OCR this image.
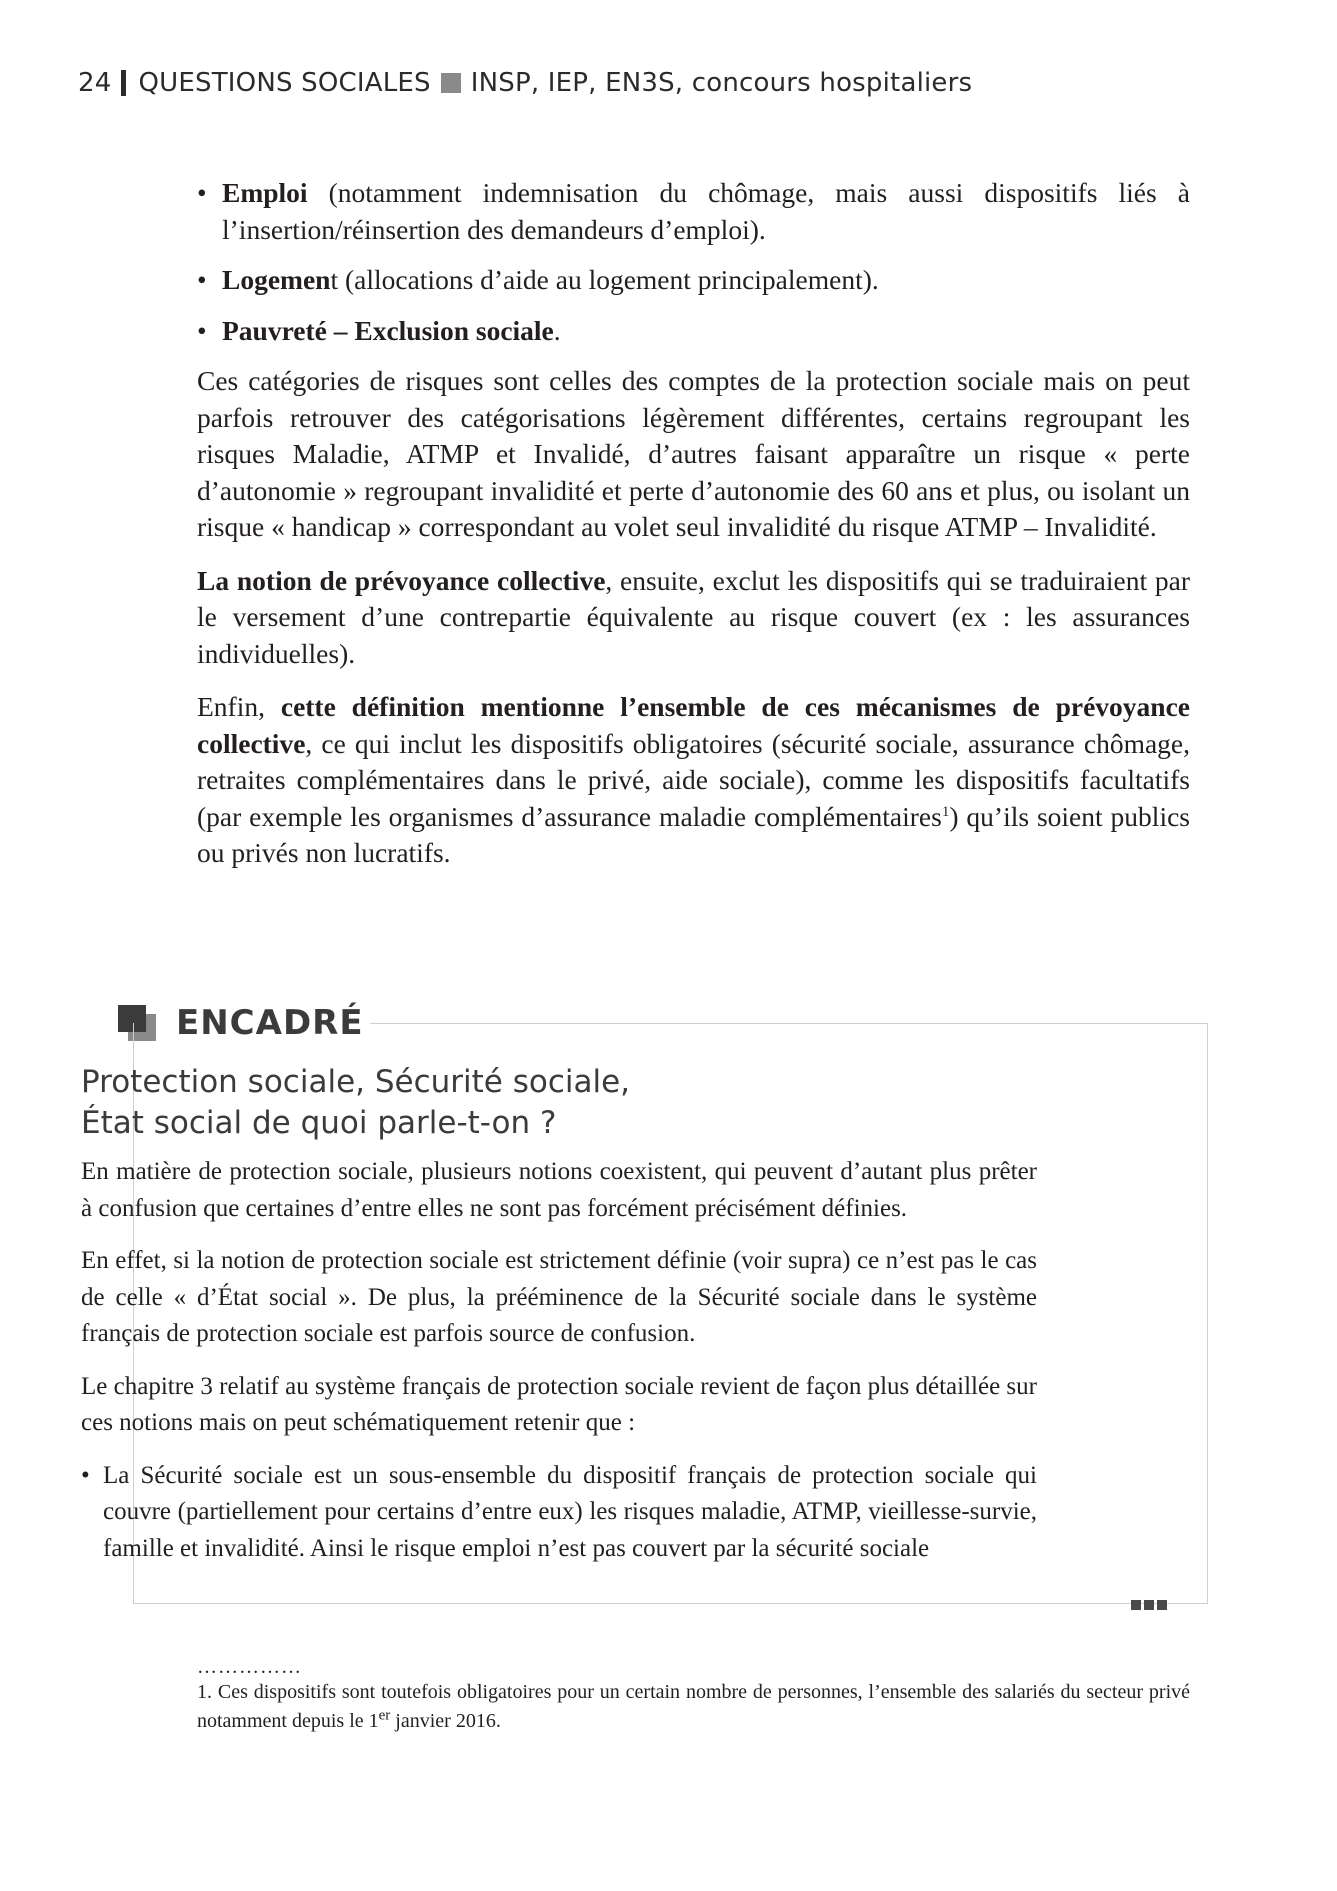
24 QUESTIONS SOCIALES INSP, IEP, EN3S, concours hospitaliers
• Emploi (notamment indemnisation du chômage, mais aussi dispositifs liés à l’insertion/réinsertion des demandeurs d’emploi).
• Logement (allocations d’aide au logement principalement).
• Pauvreté – Exclusion sociale.

Ces catégories de risques sont celles des comptes de la protection sociale mais on peut parfois retrouver des catégorisations légèrement différentes, certains regroupant les risques Maladie, ATMP et Invalidé, d’autres faisant apparaître un risque « perte d’autonomie » regroupant invalidité et perte d’autonomie des 60 ans et plus, ou isolant un risque « handicap » correspondant au volet seul invalidité du risque ATMP – Invalidité.

La notion de prévoyance collective, ensuite, exclut les dispositifs qui se traduiraient par le versement d’une contrepartie équivalente au risque couvert (ex : les assurances individuelles).

Enfin, cette définition mentionne l’ensemble de ces mécanismes de prévoyance collective, ce qui inclut les dispositifs obligatoires (sécurité sociale, assurance chômage, retraites complémentaires dans le privé, aide sociale), comme les dispositifs facultatifs (par exemple les organismes d’assurance maladie complémentaires$^1$) qu’ils soient publics ou privés non lucratifs.

ENCADRÉ
Protection sociale, Sécurité sociale,
État social de quoi parle-t-on ?

En matière de protection sociale, plusieurs notions coexistent, qui peuvent d’autant plus prêter à confusion que certaines d’entre elles ne sont pas forcément précisément définies.

En effet, si la notion de protection sociale est strictement définie (voir supra) ce n’est pas le cas de celle « d’État social ». De plus, la prééminence de la Sécurité sociale dans le système français de protection sociale est parfois source de confusion.

Le chapitre 3 relatif au système français de protection sociale revient de façon plus détaillée sur ces notions mais on peut schématiquement retenir que :

• La Sécurité sociale est un sous-ensemble du dispositif français de protection sociale qui couvre (partiellement pour certains d’entre eux) les risques maladie, ATMP, vieillesse-survie, famille et invalidité. Ainsi le risque emploi n’est pas couvert par la sécurité sociale
……………
1. Ces dispositifs sont toutefois obligatoires pour un certain nombre de personnes, l’ensemble des salariés du secteur privé notamment depuis le 1er janvier 2016.
